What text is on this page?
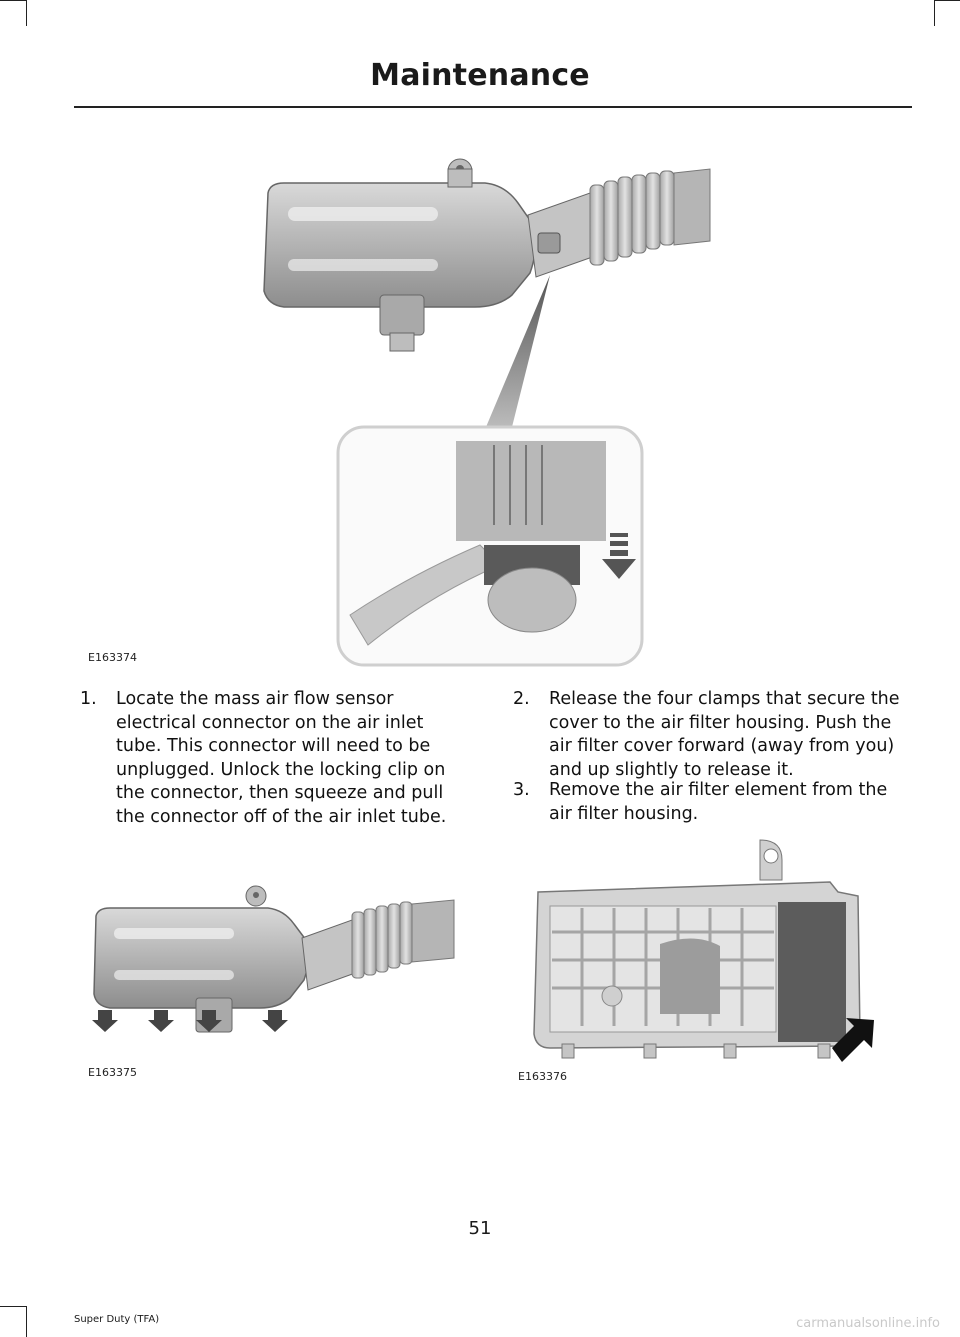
Maintenance
E163374
1. Locate the mass air flow sensor electrical connector on the air inlet tube. This connector will need to be unplugged. Unlock the locking clip on the connector, then squeeze and pull the connector off of the air inlet tube.
2. Release the four clamps that secure the cover to the air filter housing. Push the air filter cover forward (away from you) and up slightly to release it.
3. Remove the air filter element from the air filter housing.
E163375	E163376
51
Super Duty (TFA)	carmanualsonline.info
